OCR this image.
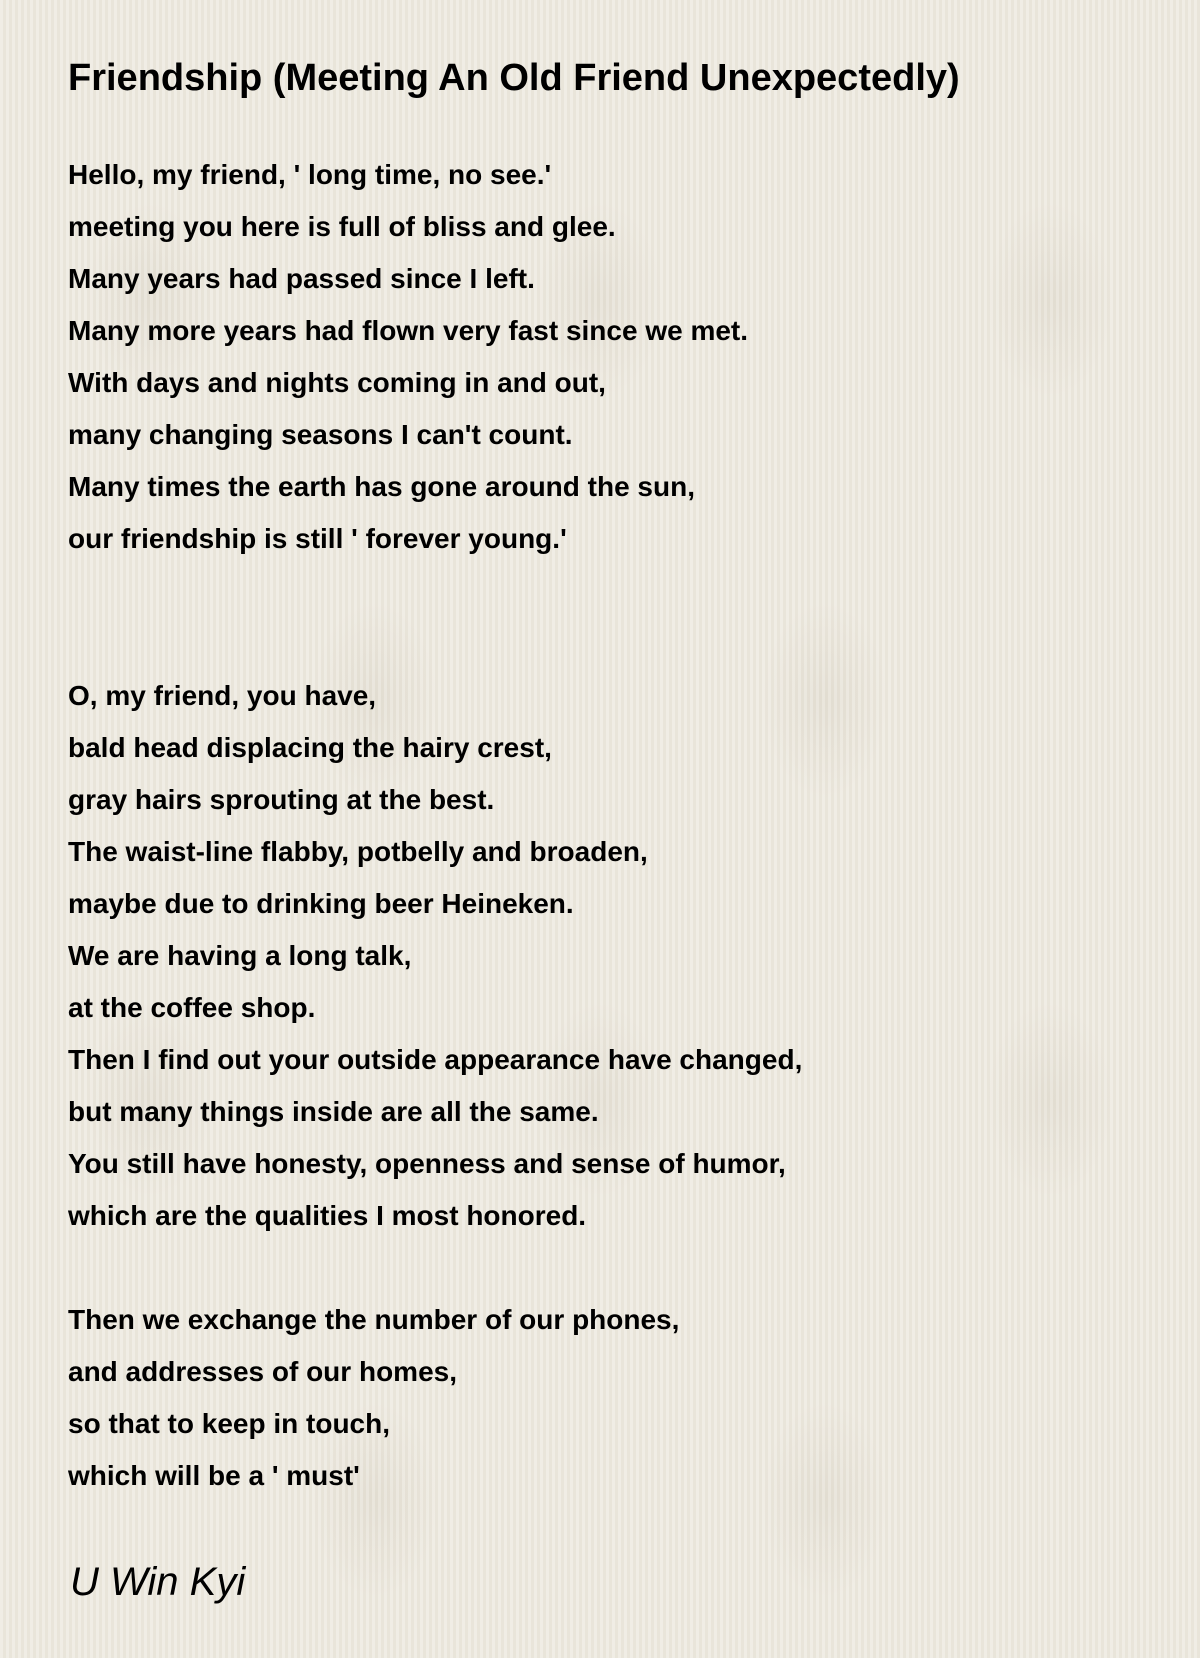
Friendship (Meeting An Old Friend Unexpectedly)
Hello, my friend, ' long time, no see.'
meeting you here is full of bliss and glee.
Many years had passed since I left.
Many more years had flown very fast since we met.
With days and nights coming in and out,
many changing seasons I can't count.
Many times the earth has gone around the sun,
our friendship is still ' forever young.'
O, my friend, you have,
bald head displacing the hairy crest,
gray hairs sprouting at the best.
The waist-line flabby, potbelly and broaden,
maybe due to drinking beer Heineken.
We are having a long talk,
at the coffee shop.
Then I find out your outside appearance have changed,
but many things inside are all the same.
You still have honesty, openness and sense of humor,
which are the qualities I most honored.
Then we exchange the number of our phones,
and addresses of our homes,
so that to keep in touch,
which will be a ' must'

U Win Kyi
